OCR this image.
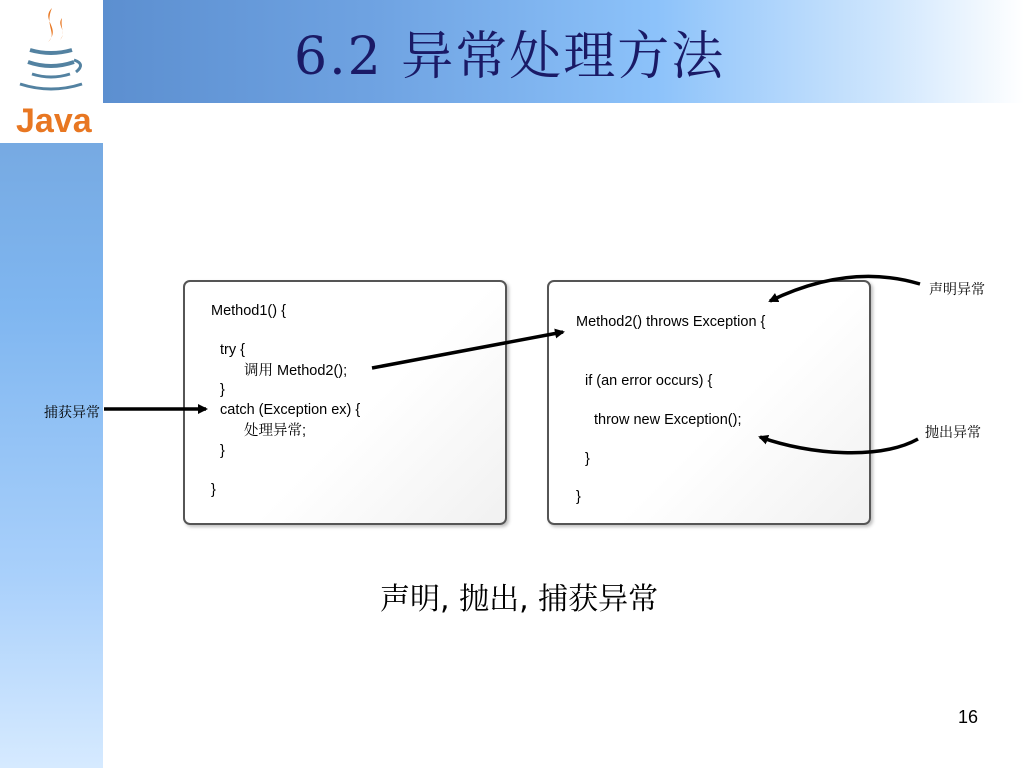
Java
6.2 异常处理方法
Method1() {
try {
调用 Method2();
}
catch (Exception ex) {
处理异常;
}
}
Method2() throws Exception {
if (an error occurs) {
throw new Exception();
}
}
声明异常
抛出异常
捕获异常
声明, 抛出, 捕获异常
16
